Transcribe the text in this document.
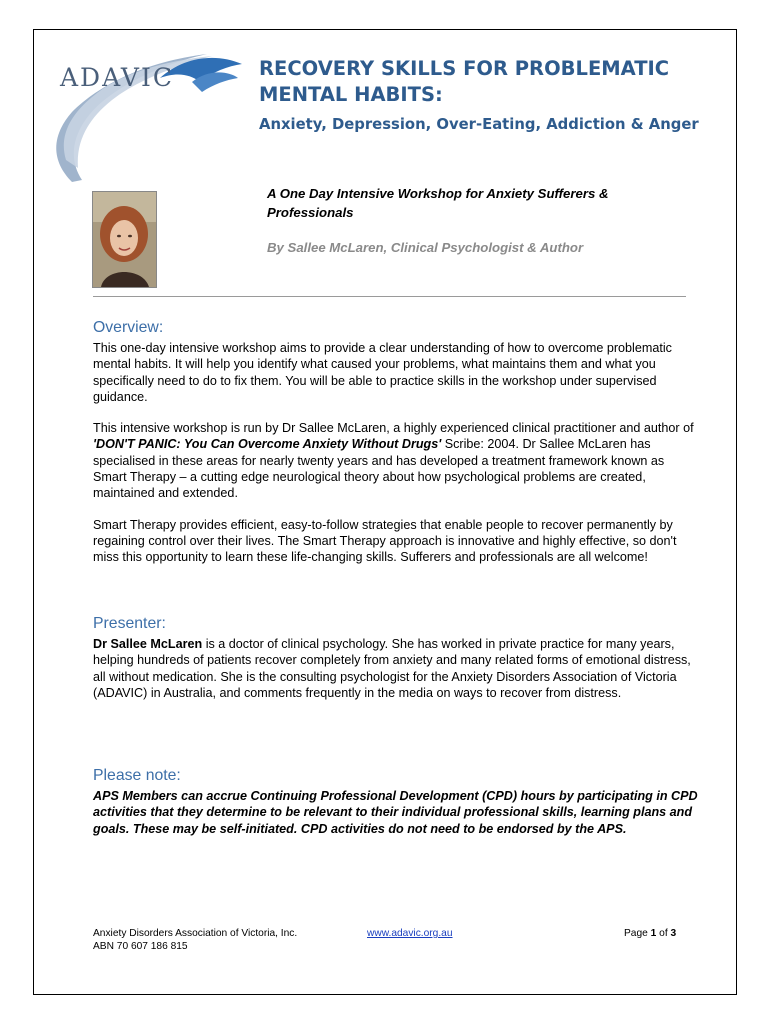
ADAVIC	RECOVERY SKILLS FOR PROBLEMATIC
MENTAL HABITS:

Anxiety, Depression, Over-Eating, Addiction & Anger
A One Day Intensive Workshop for Anxiety Sufferers & Professionals
By Sallee McLaren, Clinical Psychologist & Author
Overview:

This one-day intensive workshop aims to provide a clear understanding of how to overcome problematic mental habits. It will help you identify what caused your problems, what maintains them and what you specifically need to do to fix them. You will be able to practice skills in the workshop under supervised guidance.

This intensive workshop is run by Dr Sallee McLaren, a highly experienced clinical practitioner and author of 'DON'T PANIC: You Can Overcome Anxiety Without Drugs' Scribe: 2004. Dr Sallee McLaren has specialised in these areas for nearly twenty years and has developed a treatment framework known as Smart Therapy – a cutting edge neurological theory about how psychological problems are created, maintained and extended.

Smart Therapy provides efficient, easy-to-follow strategies that enable people to recover permanently by regaining control over their lives. The Smart Therapy approach is innovative and highly effective, so don't miss this opportunity to learn these life-changing skills. Sufferers and professionals are all welcome!

Presenter:

Dr Sallee McLaren is a doctor of clinical psychology. She has worked in private practice for many years, helping hundreds of patients recover completely from anxiety and many related forms of emotional distress, all without medication. She is the consulting psychologist for the Anxiety Disorders Association of Victoria (ADAVIC) in Australia, and comments frequently in the media on ways to recover from distress.

Please note:

APS Members can accrue Continuing Professional Development (CPD) hours by participating in CPD activities that they determine to be relevant to their individual professional skills, learning plans and goals. These may be self-initiated. CPD activities do not need to be endorsed by the APS.

Anxiety Disorders Association of Victoria, Inc.
ABN 70 607 186 815
www.adavic.org.au	Page 1 of 3
